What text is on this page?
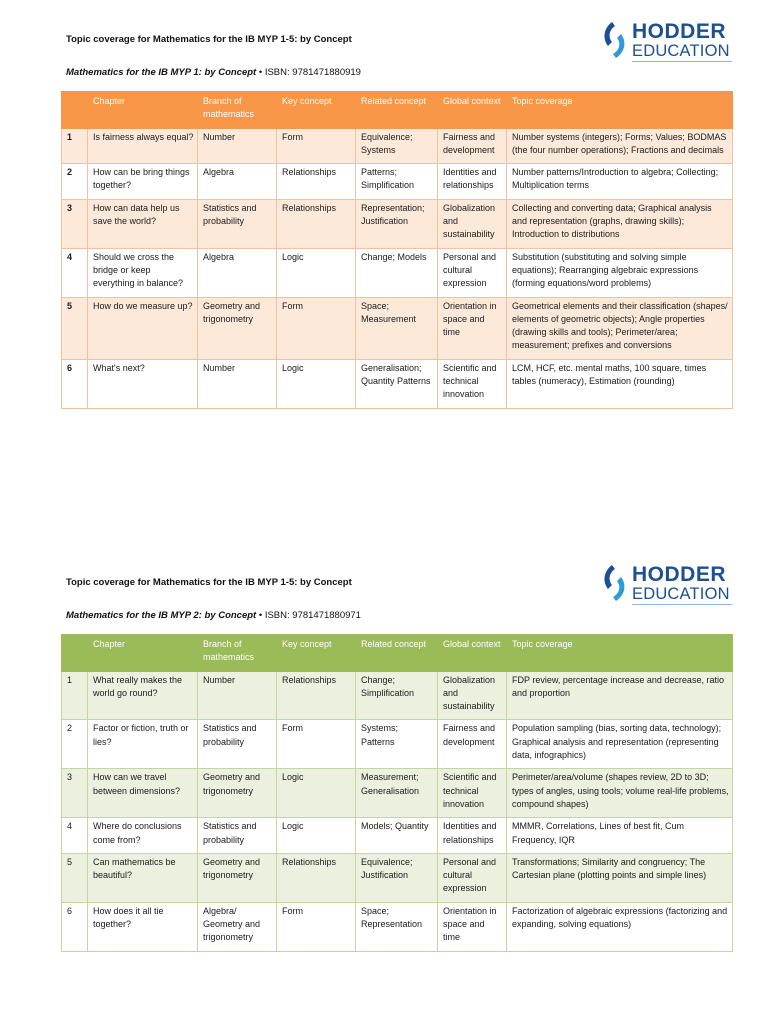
Topic coverage for Mathematics for the IB MYP 1-5: by Concept
Mathematics for the IB MYP 1: by Concept • ISBN: 9781471880919
HODDER
EDUCATION
	Chapter	Branch of mathematics	Key concept	Related concept	Global context	Topic coverage
1	Is fairness always equal?	Number	Form	Equivalence; Systems	Fairness and development	Number systems (integers); Forms; Values; BODMAS (the four number operations); Fractions and decimals
2	How can be bring things together?	Algebra	Relationships	Patterns; Simplification	Identities and relationships	Number patterns/Introduction to algebra; Collecting; Multiplication terms
3	How can data help us save the world?	Statistics and probability	Relationships	Representation; Justification	Globalization and sustainability	Collecting and converting data; Graphical analysis and representation (graphs, drawing skills); Introduction to distributions
4	Should we cross the bridge or keep everything in balance?	Algebra	Logic	Change; Models	Personal and cultural expression	Substitution (substituting and solving simple equations); Rearranging algebraic expressions (forming equations/word problems)
5	How do we measure up?	Geometry and trigonometry	Form	Space; Measurement	Orientation in space and time	Geometrical elements and their classification (shapes/ elements of geometric objects); Angle properties (drawing skills and tools); Perimeter/area; measurement; prefixes and conversions
6	What's next?	Number	Logic	Generalisation; Quantity Patterns	Scientific and technical innovation	LCM, HCF, etc. mental maths, 100 square, times tables (numeracy), Estimation (rounding)
Topic coverage for Mathematics for the IB MYP 1-5: by Concept
Mathematics for the IB MYP 2: by Concept • ISBN: 9781471880971
HODDER
EDUCATION
	Chapter	Branch of mathematics	Key concept	Related concept	Global context	Topic coverage
1	What really makes the world go round?	Number	Relationships	Change; Simplification	Globalization and sustainability	FDP review, percentage increase and decrease, ratio and proportion
2	Factor or fiction, truth or lies?	Statistics and probability	Form	Systems; Patterns	Fairness and development	Population sampling (bias, sorting data, technology); Graphical analysis and representation (representing data, infographics)
3	How can we travel between dimensions?	Geometry and trigonometry	Logic	Measurement; Generalisation	Scientific and technical innovation	Perimeter/area/volume (shapes review, 2D to 3D; types of angles, using tools; volume real-life problems, compound shapes)
4	Where do conclusions come from?	Statistics and probability	Logic	Models; Quantity	Identities and relationships	MMMR, Correlations, Lines of best fit, Cum Frequency, IQR
5	Can mathematics be beautiful?	Geometry and trigonometry	Relationships	Equivalence; Justification	Personal and cultural expression	Transformations; Similarity and congruency; The Cartesian plane (plotting points and simple lines)
6	How does it all tie together?	Algebra/ Geometry and trigonometry	Form	Space; Representation	Orientation in space and time	Factorization of algebraic expressions (factorizing and expanding, solving equations)
